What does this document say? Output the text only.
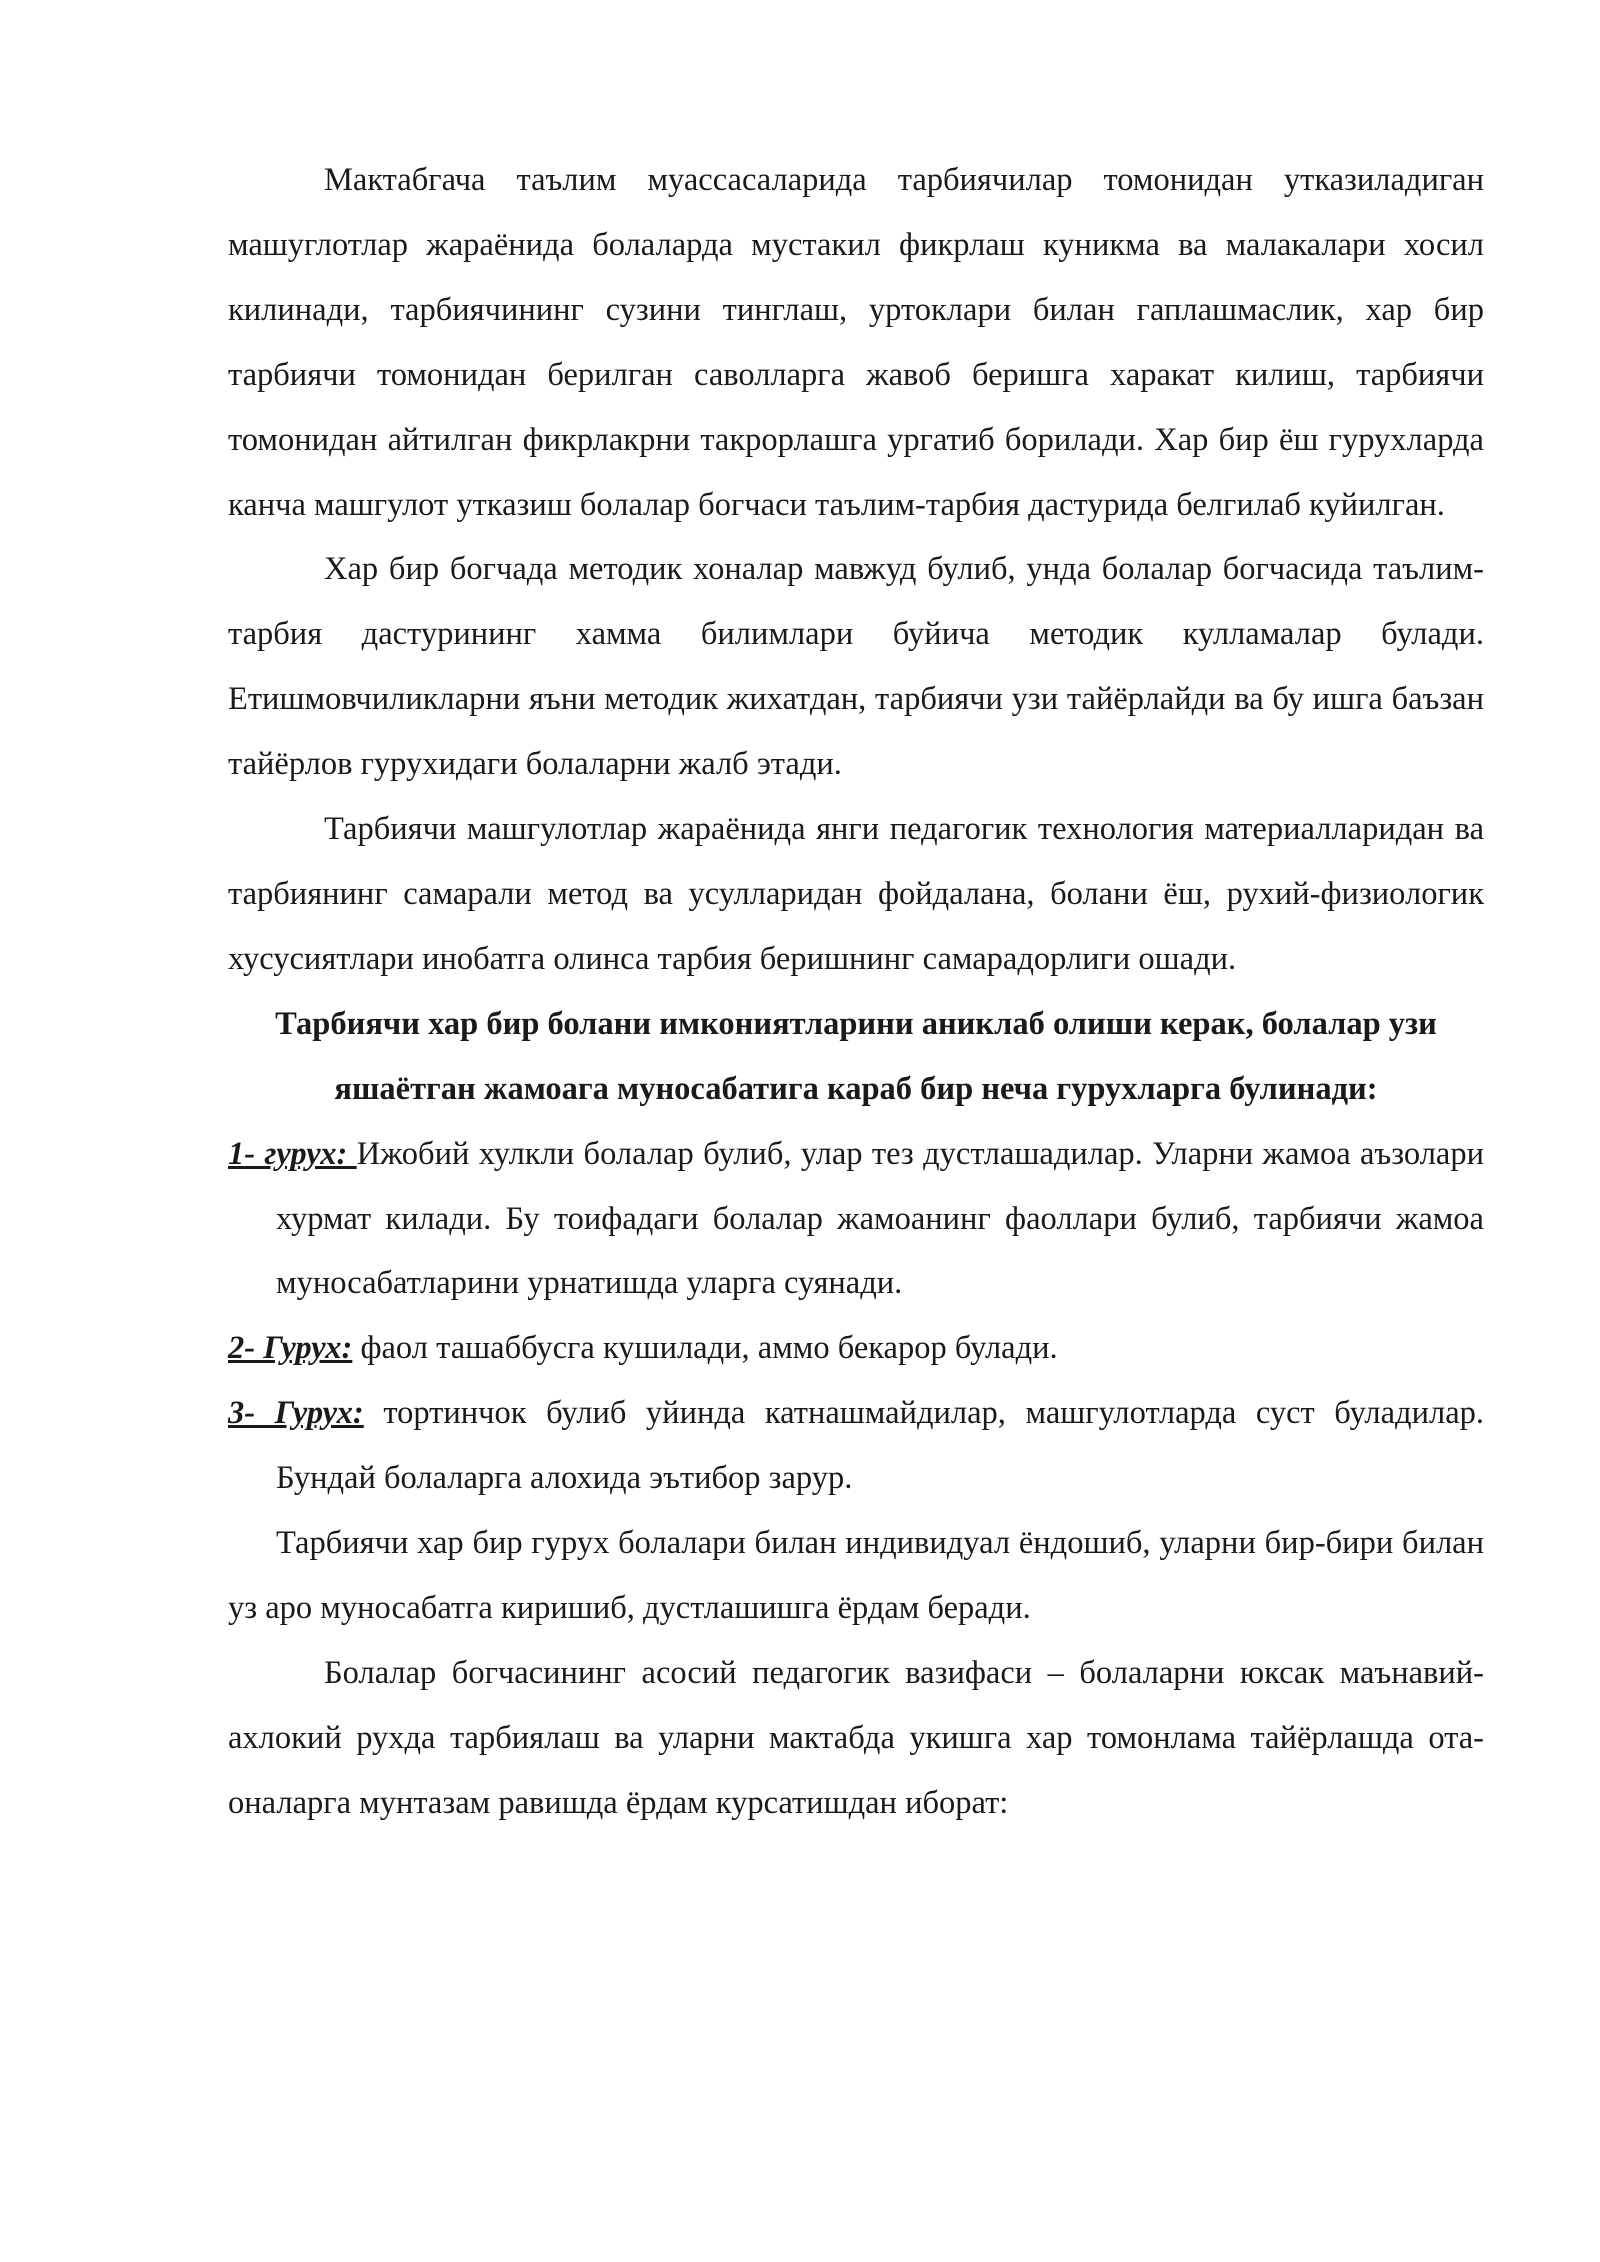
Мактабгача таълим муассасаларида тарбиячилар томонидан утказиладиган машуглотлар жараёнида болаларда мустакил фикрлаш куникма ва малакалари хосил килинади, тарбиячининг сузини тинглаш, уртоклари билан гаплашмаслик, хар бир тарбиячи томонидан берилган саволларга жавоб беришга харакат килиш, тарбиячи томонидан айтилган фикрлакрни такрорлашга ургатиб борилади. Хар бир ёш гурухларда канча машгулот утказиш болалар богчаси таълим-тарбия дастурида белгилаб куйилган.

Хар бир богчада методик хоналар мавжуд булиб, унда болалар богчасида таълим-тарбия дастурининг хамма билимлари буйича методик кулламалар булади. Етишмовчиликларни яъни методик жихатдан, тарбиячи узи тайёрлайди ва бу ишга баъзан тайёрлов гурухидаги болаларни жалб этади.

Тарбиячи машгулотлар жараёнида янги педагогик технология материалларидан ва тарбиянинг самарали метод ва усулларидан фойдалана, болани ёш, рухий-физиологик хусусиятлари инобатга олинса тарбия беришнинг самарадорлиги ошади.

Тарбиячи хар бир болани имкониятларини аниклаб олиши керак, болалар узи яшаётган жамоага муносабатига караб бир неча гурухларга булинади:

1- гурух: Ижобий хулкли болалар булиб, улар тез дустлашадилар. Уларни жамоа аъзолари хурмат килади. Бу тоифадаги болалар жамоанинг фаоллари булиб, тарбиячи жамоа муносабатларини урнатишда уларга суянади.

2- Гурух: фаол ташаббусга кушилади, аммо бекарор булади.

3- Гурух: тортинчок булиб уйинда катнашмайдилар, машгулотларда суст буладилар. Бундай болаларга алохида эътибор зарур.

Тарбиячи хар бир гурух болалари билан индивидуал ёндошиб, уларни бир-бири билан уз аро муносабатга киришиб, дустлашишга ёрдам беради.

Болалар богчасининг асосий педагогик вазифаси – болаларни юксак маънавий-ахлокий рухда тарбиялаш ва уларни мактабда укишга хар томонлама тайёрлашда ота-оналарга мунтазам равишда ёрдам курсатишдан иборат:
